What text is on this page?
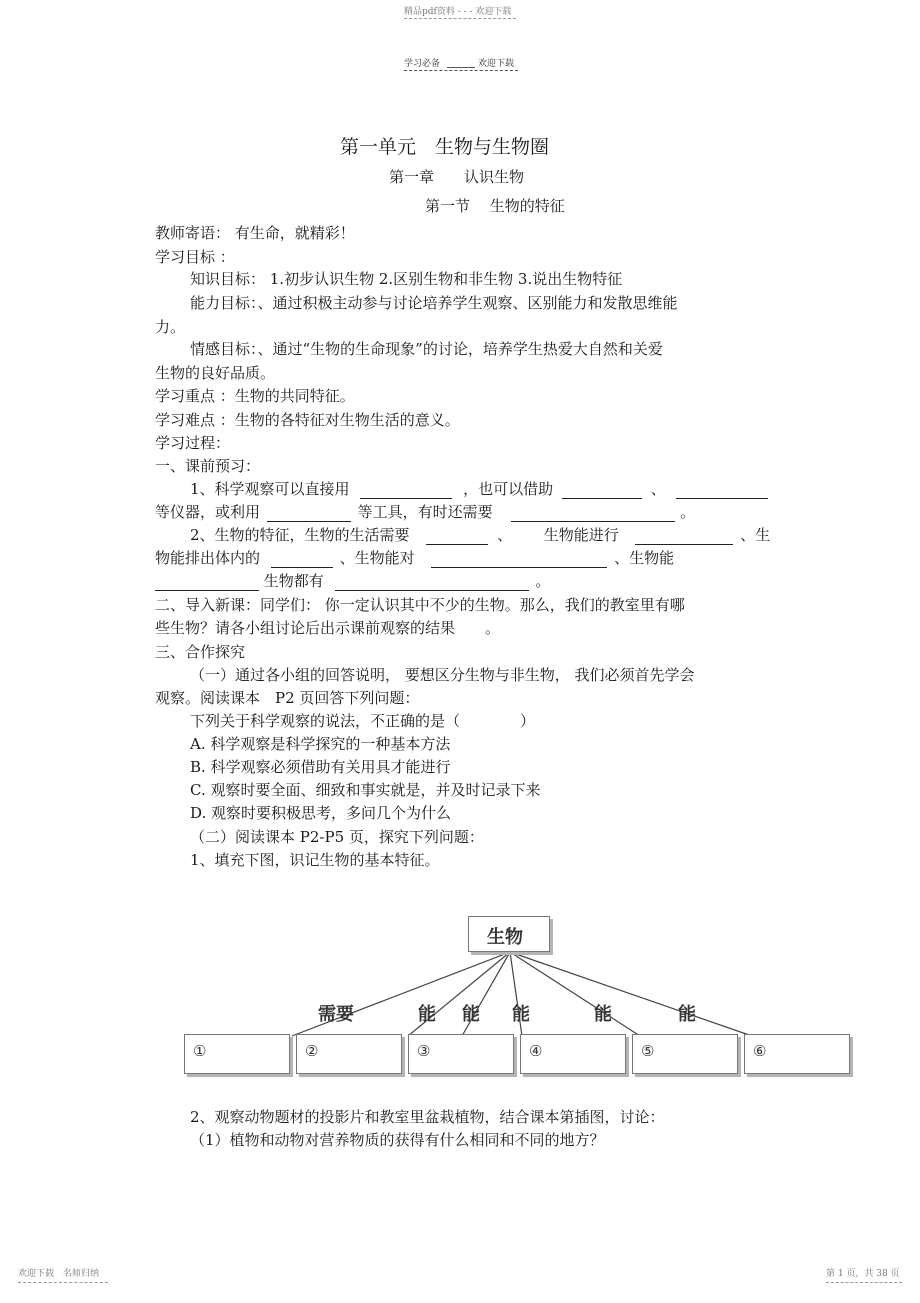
精品pdf资料 - - - 欢迎下载
学习必备	欢迎下载
第一单元　生物与生物圈
第一章　　认识生物
第一节　 生物的特征
教师寄语： 有生命，就精彩！
学习目标 ：
知识目标： 1.初步认识生物 2.区别生物和非生物 3.说出生物特征
能力目标：、通过积极主动参与讨论培养学生观察、区别能力和发散思维能
力。
情感目标：、通过“生物的生命现象”的讨论，培养学生热爱大自然和关爱
生物的良好品质。
学习重点 ：生物的共同特征。
学习难点 ：生物的各特征对生物生活的意义。
学习过程：
一、课前预习：
1、科学观察可以直接用	，也可以借助	、
等仪器，或利用	等工具，有时还需要	。
2、生物的特征，生物的生活需要	、 生物能进行	、生
物能排出体内的	、生物能对	、生物能
生物都有	。
二、导入新课：同学们： 你一定认识其中不少的生物。那么，我们的教室里有哪
些生物？请各小组讨论后出示课前观察的结果　　。
三、合作探究
（一）通过各小组的回答说明， 要想区分生物与非生物， 我们必须首先学会
观察。阅读课本　P2 页回答下列问题：
下列关于科学观察的说法，不正确的是（　　　　）
A. 科学观察是科学探究的一种基本方法
B. 科学观察必须借助有关用具才能进行
C. 观察时要全面、细致和事实就是，并及时记录下来
D. 观察时要积极思考，多问几个为什么
（二）阅读课本 P2-P5 页，探究下列问题：
1、填充下图，识记生物的基本特征。
生物
需要	能 能 能	能	能
①	②	③	④	⑤	⑥
2、观察动物题材的投影片和教室里盆栽植物，结合课本第插图，讨论：
（1）植物和动物对营养物质的获得有什么相同和不同的地方？
欢迎下载　名师归纳	第 1 页，共 38 页
